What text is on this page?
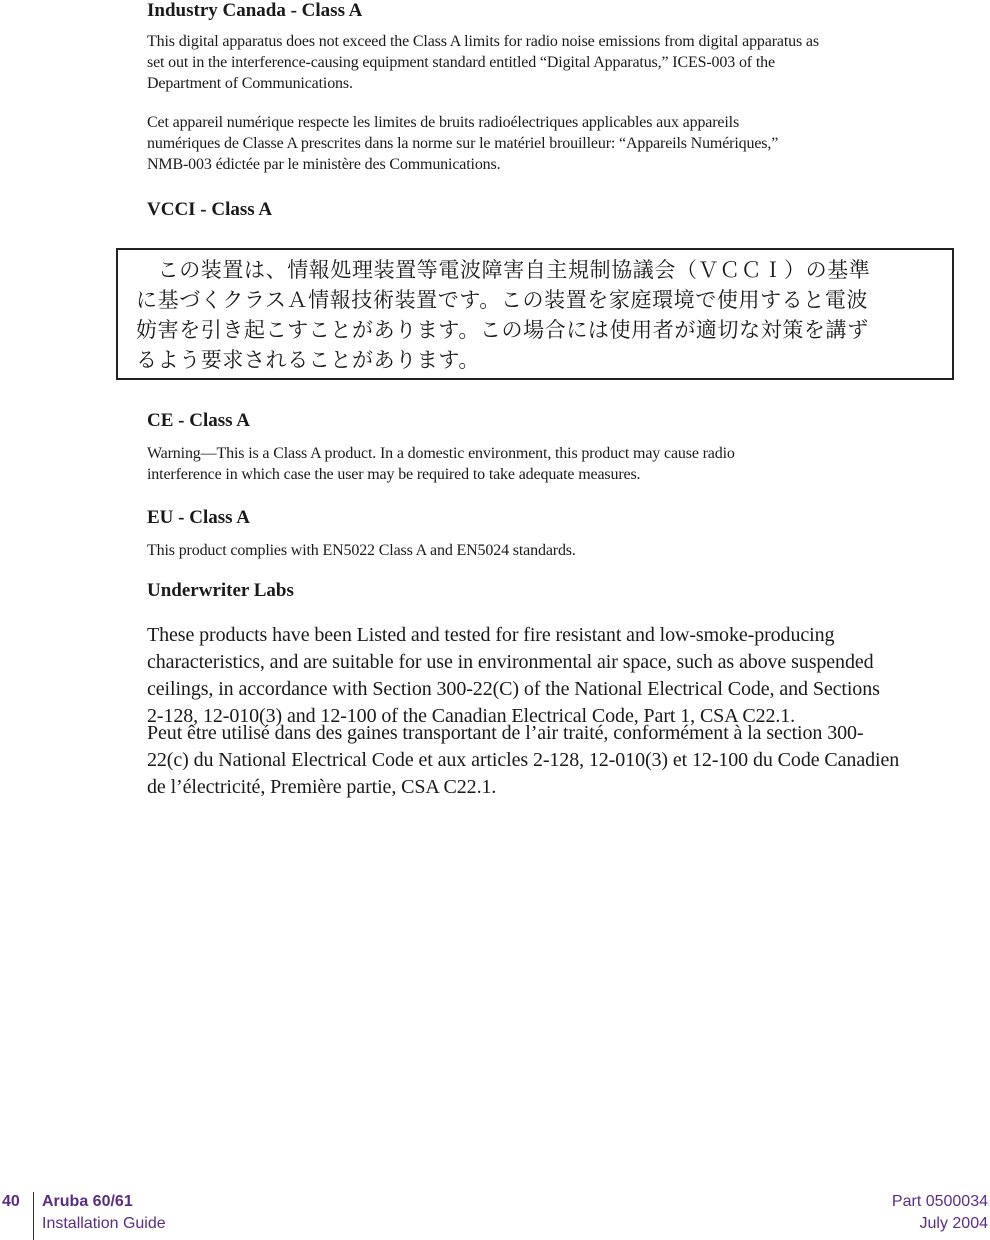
Industry Canada - Class A

This digital apparatus does not exceed the Class A limits for radio noise emissions from digital apparatus as

set out in the interference-causing equipment standard entitled “Digital Apparatus,” ICES-003 of the

Department of Communications.

Cet appareil numérique respecte les limites de bruits radioélectriques applicables aux appareils

numériques de Classe A prescrites dans la norme sur le matériel brouilleur: “Appareils Numériques,”

NMB-003 édictée par le ministère des Communications.

VCCI - Class A

　この装置は、情報処理装置等電波障害自主規制協議会（ＶＣＣＩ）の基準
に基づくクラスＡ情報技術装置です。この装置を家庭環境で使用すると電波
妨害を引き起こすことがあります。この場合には使用者が適切な対策を講ず
るよう要求されることがあります。

CE - Class A

Warning—This is a Class A product. In a domestic environment, this product may cause radio

interference in which case the user may be required to take adequate measures.

EU - Class A

This product complies with EN5022 Class A and EN5024 standards.

Underwriter Labs

These products have been Listed and tested for fire resistant and low-smoke-producing

characteristics, and are suitable for use in environmental air space, such as above suspended

ceilings, in accordance with Section 300-22(C) of the National Electrical Code, and Sections

2-128, 12-010(3) and 12-100 of the Canadian Electrical Code, Part 1, CSA C22.1.

Peut être utilisé dans des gaines transportant de l’air traité, conformément à la section 300-

22(c) du National Electrical Code et aux articles 2-128, 12-010(3) et 12-100 du Code Canadien

de l’électricité, Première partie, CSA C22.1.

40 Aruba 60/61
Installation Guide
Part 0500034
July 2004
